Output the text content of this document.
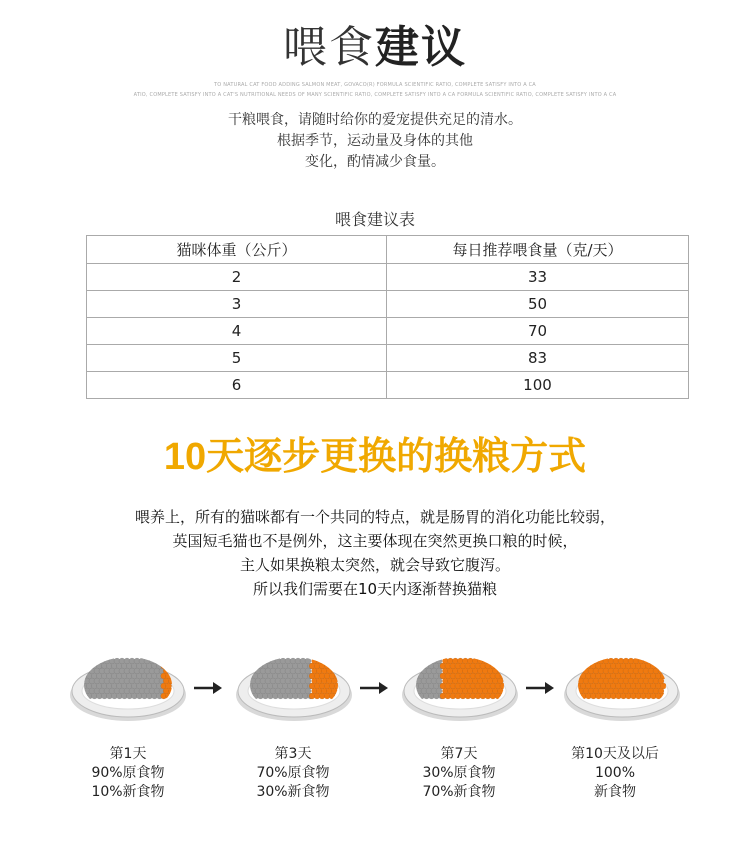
喂食建议
TO NATURAL CAT FOOD ADDING SALMON MEAT, GOVACO(R) FORMULA SCIENTIFIC RATIO, COMPLETE SATISFY INTO A CA
ATIO, COMPLETE SATISFY INTO A CAT'S NUTRITIONAL NEEDS OF MANY SCIENTIFIC RATIO, COMPLETE SATISFY INTO A CA FORMULA SCIENTIFIC RATIO, COMPLETE SATISFY INTO A CA
干粮喂食，请随时给你的爱宠提供充足的清水。
根据季节，运动量及身体的其他
变化，酌情减少食量。
喂食建议表
猫咪体重（公斤）	每日推荐喂食量（克/天）
2	33
3	50
4	70
5	83
6	100
10天逐步更换的换粮方式
喂养上，所有的猫咪都有一个共同的特点，就是肠胃的消化功能比较弱，
英国短毛猫也不是例外，这主要体现在突然更换口粮的时候，
主人如果换粮太突然，就会导致它腹泻。
所以我们需要在10天内逐渐替换猫粮
第1天
90%原食物
10%新食物
第3天
70%原食物
30%新食物
第7天
30%原食物
70%新食物
第10天及以后
100%
新食物
